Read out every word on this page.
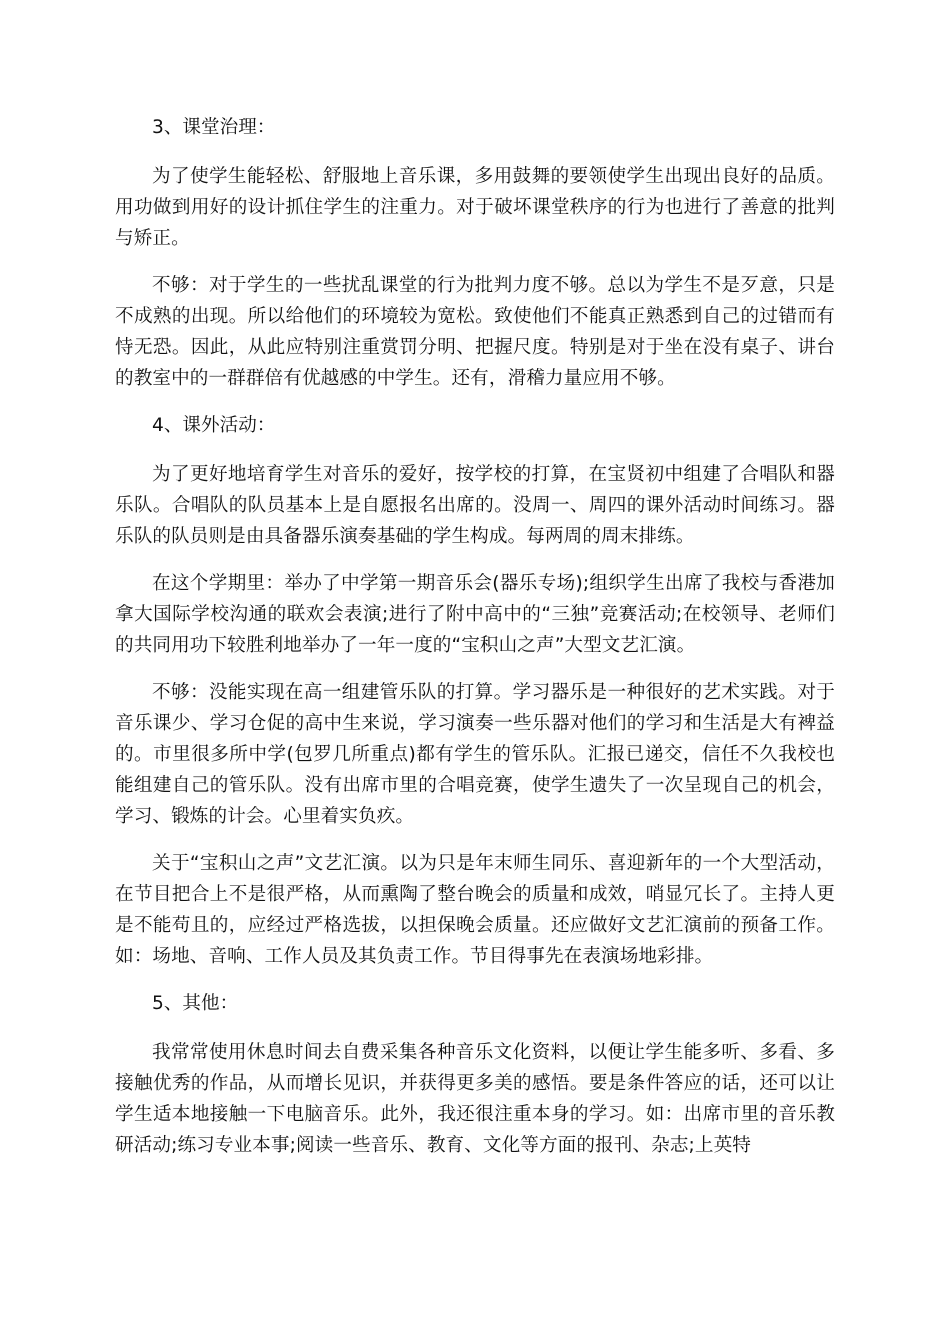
3、课堂治理：

为了使学生能轻松、舒服地上音乐课，多用鼓舞的要领使学生出现出良好的品质。用功做到用好的设计抓住学生的注重力。对于破坏课堂秩序的行为也进行了善意的批判与矫正。

不够：对于学生的一些扰乱课堂的行为批判力度不够。总以为学生不是歹意，只是不成熟的出现。所以给他们的环境较为宽松。致使他们不能真正熟悉到自己的过错而有恃无恐。因此，从此应特别注重赏罚分明、把握尺度。特别是对于坐在没有桌子、讲台的教室中的一群群倍有优越感的中学生。还有，滑稽力量应用不够。

4、课外活动：

为了更好地培育学生对音乐的爱好，按学校的打算，在宝贤初中组建了合唱队和器乐队。合唱队的队员基本上是自愿报名出席的。没周一、周四的课外活动时间练习。器乐队的队员则是由具备器乐演奏基础的学生构成。每两周的周末排练。

在这个学期里：举办了中学第一期音乐会(器乐专场);组织学生出席了我校与香港加拿大国际学校沟通的联欢会表演;进行了附中高中的“三独”竞赛活动;在校领导、老师们的共同用功下较胜利地举办了一年一度的“宝积山之声”大型文艺汇演。

不够：没能实现在高一组建管乐队的打算。学习器乐是一种很好的艺术实践。对于音乐课少、学习仓促的高中生来说，学习演奏一些乐器对他们的学习和生活是大有裨益的。市里很多所中学(包罗几所重点)都有学生的管乐队。汇报已递交，信任不久我校也能组建自己的管乐队。没有出席市里的合唱竞赛，使学生遗失了一次呈现自己的机会，学习、锻炼的计会。心里着实负疚。

关于“宝积山之声”文艺汇演。以为只是年末师生同乐、喜迎新年的一个大型活动，在节目把合上不是很严格，从而熏陶了整台晚会的质量和成效，哨显冗长了。主持人更是不能苟且的，应经过严格选拔，以担保晚会质量。还应做好文艺汇演前的预备工作。如：场地、音响、工作人员及其负责工作。节目得事先在表演场地彩排。

5、其他：

我常常使用休息时间去自费采集各种音乐文化资料，以便让学生能多听、多看、多接触优秀的作品，从而增长见识，并获得更多美的感悟。要是条件答应的话，还可以让学生适本地接触一下电脑音乐。此外，我还很注重本身的学习。如：出席市里的音乐教研活动;练习专业本事;阅读一些音乐、教育、文化等方面的报刊、杂志;上英特
